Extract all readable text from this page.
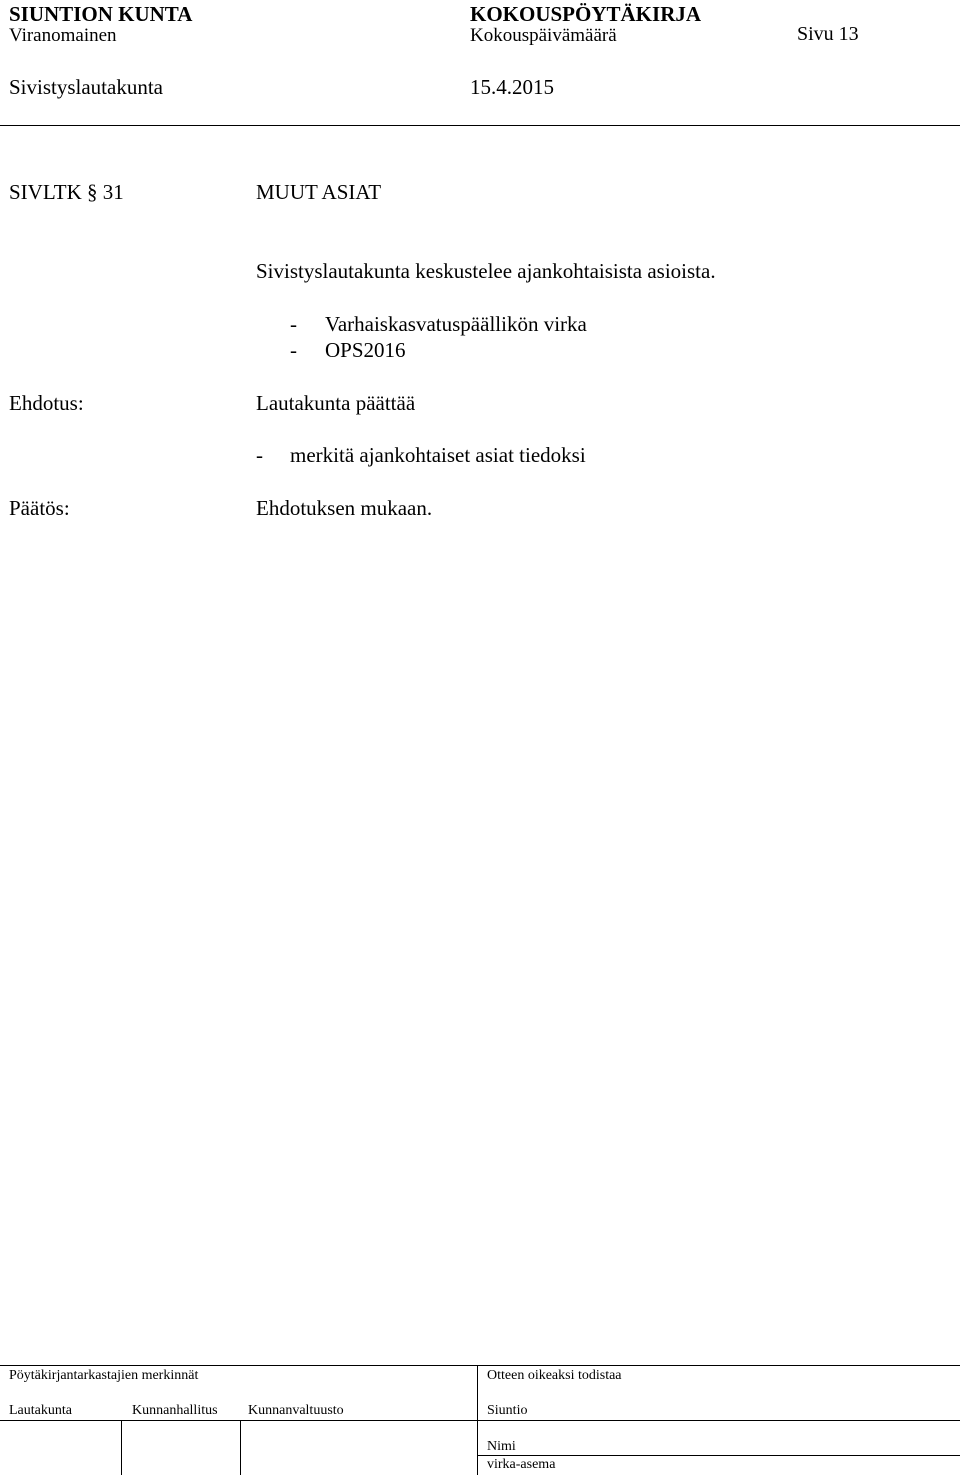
SIUNTION KUNTA	KOKOUSPÖYTÄKIRJA
Viranomainen	Kokouspäivämäärä	Sivu 13
Sivistyslautakunta	15.4.2015
SIVLTK § 31	MUUT ASIAT
Sivistyslautakunta keskustelee ajankohtaisista asioista.
- Varhaiskasvatuspäällikön virka
- OPS2016
Ehdotus:	Lautakunta päättää
- merkitä ajankohtaiset asiat tiedoksi
Päätös:	Ehdotuksen mukaan.
Pöytäkirjantarkastajien merkinnät	Otteen oikeaksi todistaa
Lautakunta	Kunnanhallitus Kunnanvaltuusto	Siuntio
Nimi
virka-asema
